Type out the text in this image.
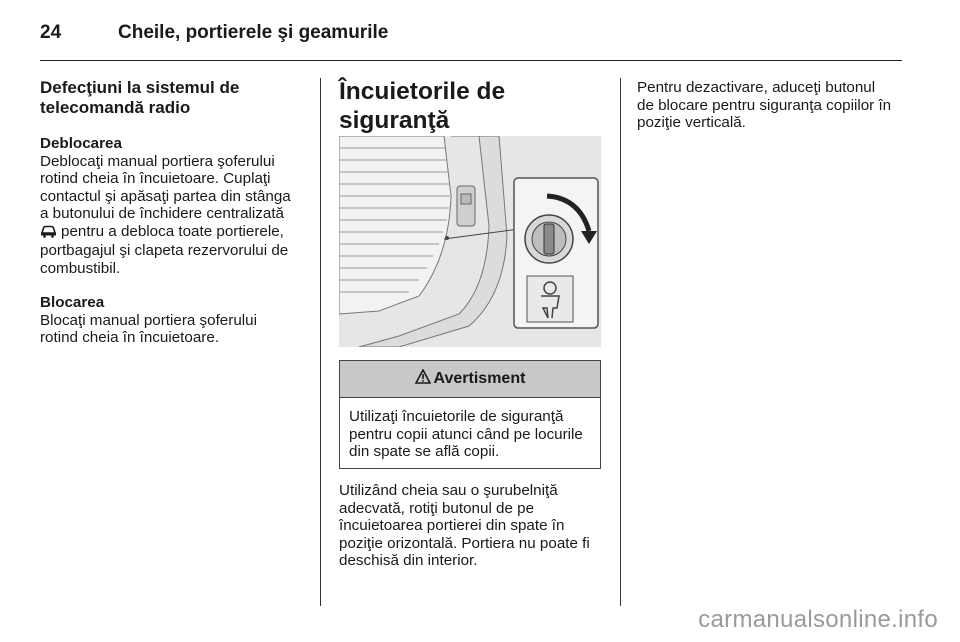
24	Cheile, portierele şi geamurile
Defecţiuni la sistemul de
telecomandă radio
Deblocarea
Deblocaţi manual portiera şoferului
rotind cheia în încuietoare. Cuplaţi
contactul şi apăsaţi partea din stânga
a butonului de închidere centralizată
pentru a debloca toate portierele,
portbagajul şi clapeta rezervorului de
combustibil.
Blocarea
Blocaţi manual portiera şoferului
rotind cheia în încuietoare.
Încuietorile de siguranţă
Avertisment
Utilizaţi încuietorile de siguranţă
pentru copii atunci când pe locurile
din spate se află copii.
Utilizând cheia sau o şurubelniţă
adecvată, rotiţi butonul de pe
încuietoarea portierei din spate în
poziţie orizontală. Portiera nu poate fi
deschisă din interior.
Pentru dezactivare, aduceţi butonul
de blocare pentru siguranţa copiilor în
poziţie verticală.
carmanualsonline.info
